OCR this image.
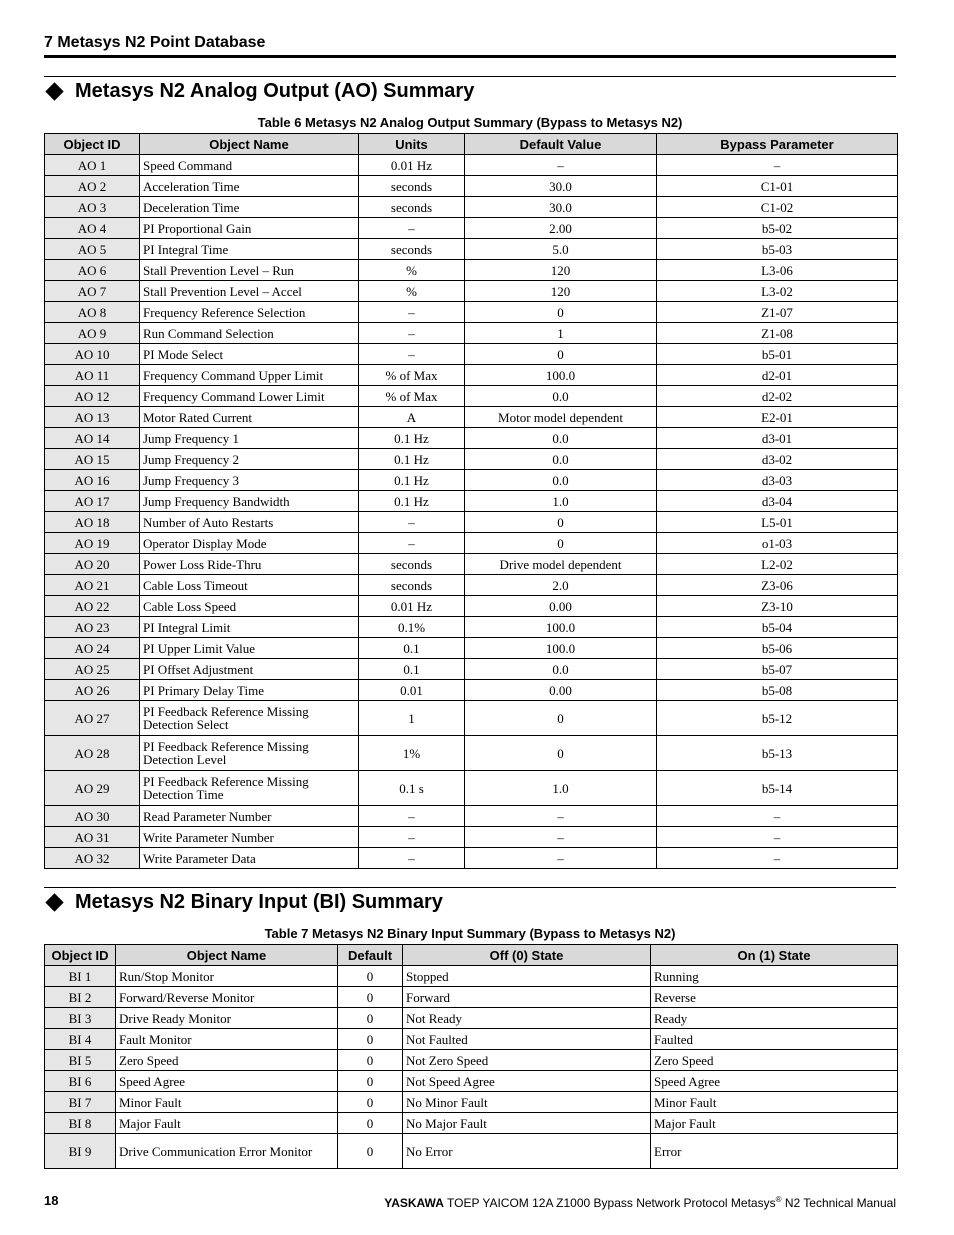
7 Metasys N2 Point Database
Metasys N2 Analog Output (AO) Summary
Table 6 Metasys N2 Analog Output Summary (Bypass to Metasys N2)
Object ID	Object Name	Units	Default Value	Bypass Parameter
AO 1	Speed Command	0.01 Hz	–	–
AO 2	Acceleration Time	seconds	30.0	C1-01
AO 3	Deceleration Time	seconds	30.0	C1-02
AO 4	PI Proportional Gain	–	2.00	b5-02
AO 5	PI Integral Time	seconds	5.0	b5-03
AO 6	Stall Prevention Level – Run	%	120	L3-06
AO 7	Stall Prevention Level – Accel	%	120	L3-02
AO 8	Frequency Reference Selection	–	0	Z1-07
AO 9	Run Command Selection	–	1	Z1-08
AO 10	PI Mode Select	–	0	b5-01
AO 11	Frequency Command Upper Limit	% of Max	100.0	d2-01
AO 12	Frequency Command Lower Limit	% of Max	0.0	d2-02
AO 13	Motor Rated Current	A	Motor model dependent	E2-01
AO 14	Jump Frequency 1	0.1 Hz	0.0	d3-01
AO 15	Jump Frequency 2	0.1 Hz	0.0	d3-02
AO 16	Jump Frequency 3	0.1 Hz	0.0	d3-03
AO 17	Jump Frequency Bandwidth	0.1 Hz	1.0	d3-04
AO 18	Number of Auto Restarts	–	0	L5-01
AO 19	Operator Display Mode	–	0	o1-03
AO 20	Power Loss Ride-Thru	seconds	Drive model dependent	L2-02
AO 21	Cable Loss Timeout	seconds	2.0	Z3-06
AO 22	Cable Loss Speed	0.01 Hz	0.00	Z3-10
AO 23	PI Integral Limit	0.1%	100.0	b5-04
AO 24	PI Upper Limit Value	0.1	100.0	b5-06
AO 25	PI Offset Adjustment	0.1	0.0	b5-07
AO 26	PI Primary Delay Time	0.01	0.00	b5-08
AO 27	PI Feedback Reference Missing Detection Select	1	0	b5-12
AO 28	PI Feedback Reference Missing Detection Level	1%	0	b5-13
AO 29	PI Feedback Reference Missing Detection Time	0.1 s	1.0	b5-14
AO 30	Read Parameter Number	–	–	–
AO 31	Write Parameter Number	–	–	–
AO 32	Write Parameter Data	–	–	–
Metasys N2 Binary Input (BI) Summary
Table 7 Metasys N2 Binary Input Summary (Bypass to Metasys N2)
Object ID	Object Name	Default	Off (0) State	On (1) State
BI 1	Run/Stop Monitor	0	Stopped	Running
BI 2	Forward/Reverse Monitor	0	Forward	Reverse
BI 3	Drive Ready Monitor	0	Not Ready	Ready
BI 4	Fault Monitor	0	Not Faulted	Faulted
BI 5	Zero Speed	0	Not Zero Speed	Zero Speed
BI 6	Speed Agree	0	Not Speed Agree	Speed Agree
BI 7	Minor Fault	0	No Minor Fault	Minor Fault
BI 8	Major Fault	0	No Major Fault	Major Fault
BI 9	Drive Communication Error Monitor	0	No Error	Error
18	YASKAWA TOEP YAICOM 12A Z1000 Bypass Network Protocol Metasys® N2 Technical Manual
